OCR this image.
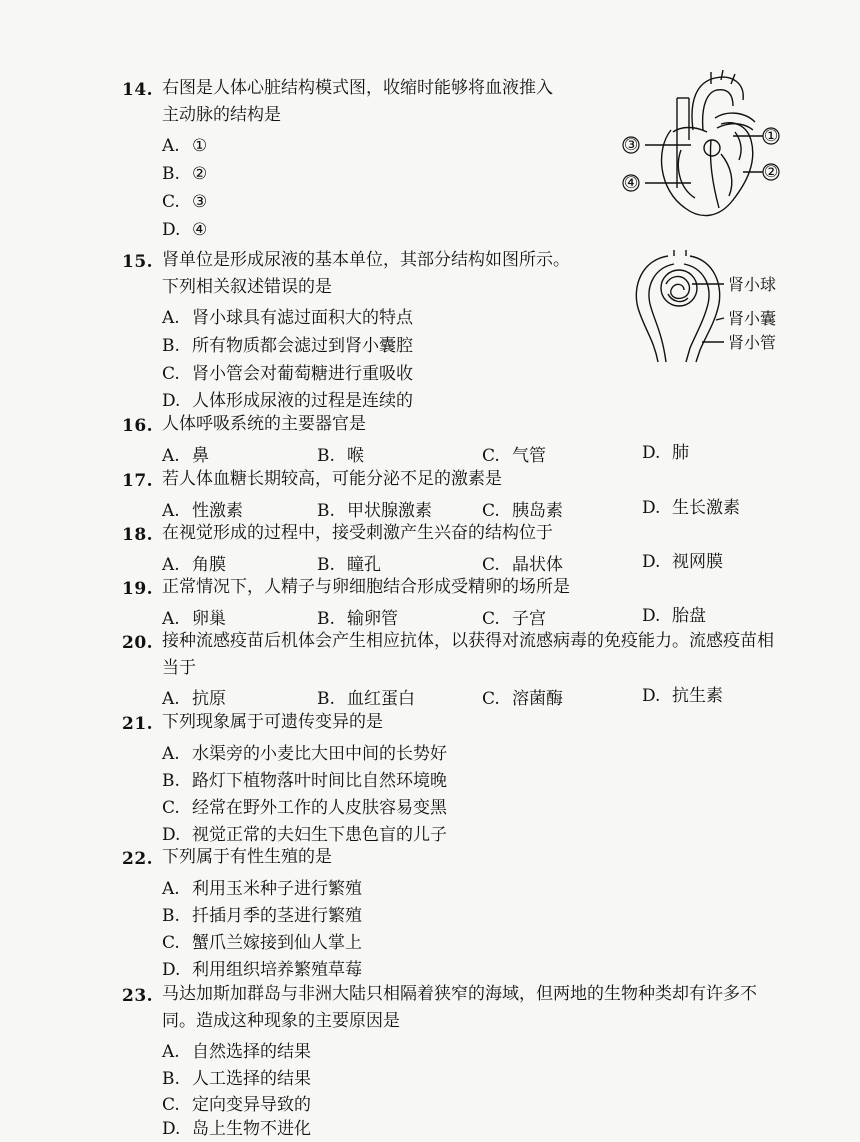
14. 右图是人体心脏结构模式图，收缩时能够将血液推入
主动脉的结构是
A. ①
B. ②
C. ③
D. ④
③
④
①
②
15. 肾单位是形成尿液的基本单位，其部分结构如图所示。
下列相关叙述错误的是
A. 肾小球具有滤过面积大的特点
B. 所有物质都会滤过到肾小囊腔
C. 肾小管会对葡萄糖进行重吸收
D. 人体形成尿液的过程是连续的
肾小球
肾小囊
肾小管
16. 人体呼吸系统的主要器官是
A. 鼻	B. 喉	C. 气管	D. 肺
17. 若人体血糖长期较高，可能分泌不足的激素是
A. 性激素	B. 甲状腺激素	C. 胰岛素	D. 生长激素
18. 在视觉形成的过程中，接受刺激产生兴奋的结构位于
A. 角膜	B. 瞳孔	C. 晶状体	D. 视网膜
19. 正常情况下，人精子与卵细胞结合形成受精卵的场所是
A. 卵巢	B. 输卵管	C. 子宫	D. 胎盘
20. 接种流感疫苗后机体会产生相应抗体，以获得对流感病毒的免疫能力。流感疫苗相
当于
A. 抗原	B. 血红蛋白	C. 溶菌酶	D. 抗生素
21. 下列现象属于可遗传变异的是
A. 水渠旁的小麦比大田中间的长势好
B. 路灯下植物落叶时间比自然环境晚
C. 经常在野外工作的人皮肤容易变黑
D. 视觉正常的夫妇生下患色盲的儿子
22. 下列属于有性生殖的是
A. 利用玉米种子进行繁殖
B. 扦插月季的茎进行繁殖
C. 蟹爪兰嫁接到仙人掌上
D. 利用组织培养繁殖草莓
23. 马达加斯加群岛与非洲大陆只相隔着狭窄的海域，但两地的生物种类却有许多不
同。造成这种现象的主要原因是
A. 自然选择的结果
B. 人工选择的结果
C. 定向变异导致的
D. 岛上生物不进化
